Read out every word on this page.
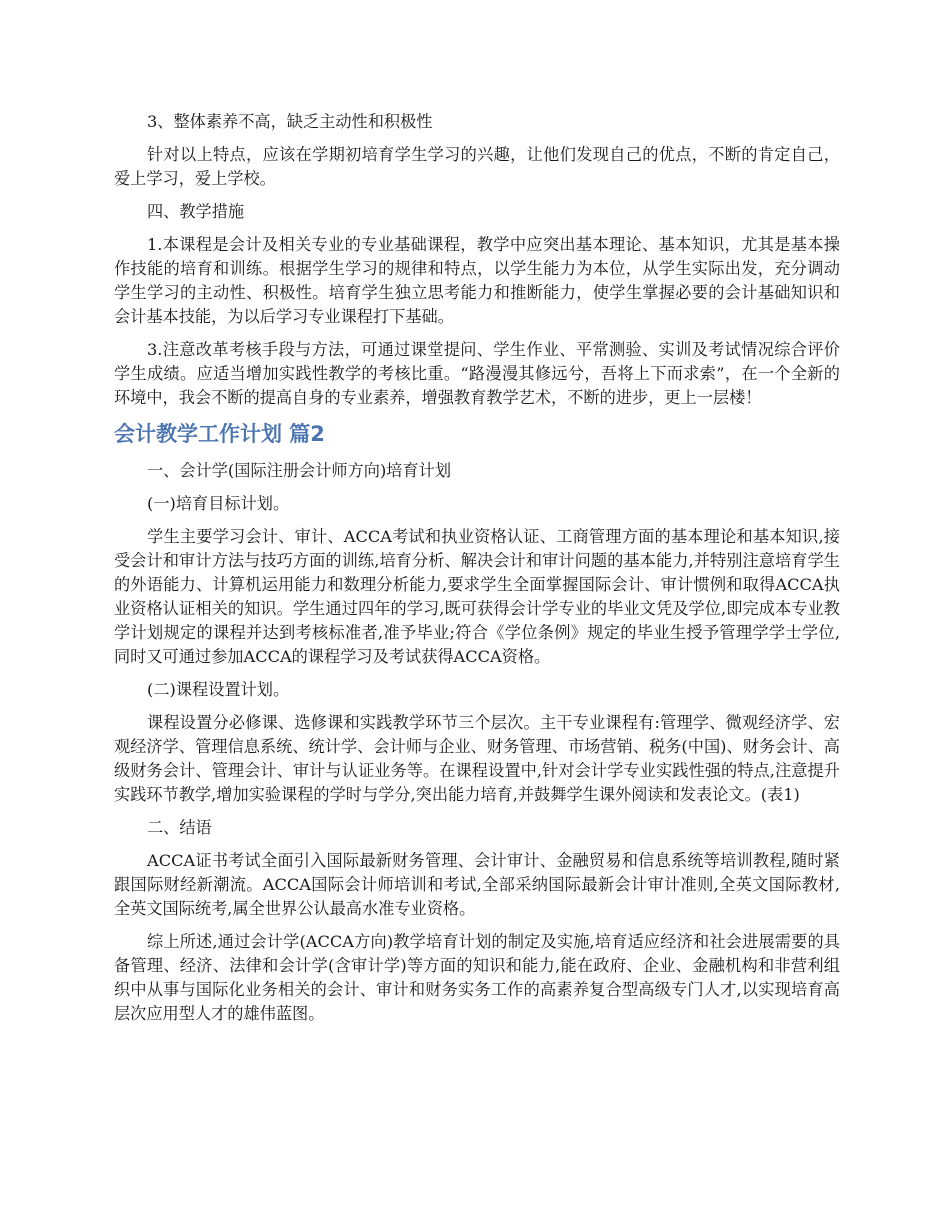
3、整体素养不高，缺乏主动性和积极性

针对以上特点，应该在学期初培育学生学习的兴趣，让他们发现自己的优点，不断的肯定自己，爱上学习，爱上学校。

四、教学措施

1.本课程是会计及相关专业的专业基础课程，教学中应突出基本理论、基本知识，尤其是基本操作技能的培育和训练。根据学生学习的规律和特点，以学生能力为本位，从学生实际出发，充分调动学生学习的主动性、积极性。培育学生独立思考能力和推断能力，使学生掌握必要的会计基础知识和会计基本技能，为以后学习专业课程打下基础。

3.注意改革考核手段与方法，可通过课堂提问、学生作业、平常测验、实训及考试情况综合评价学生成绩。应适当增加实践性教学的考核比重。“路漫漫其修远兮，吾将上下而求索”，在一个全新的环境中，我会不断的提高自身的专业素养，增强教育教学艺术，不断的进步，更上一层楼！

会计教学工作计划 篇2

一、会计学(国际注册会计师方向)培育计划

(一)培育目标计划。

学生主要学习会计、审计、ACCA考试和执业资格认证、工商管理方面的基本理论和基本知识,接受会计和审计方法与技巧方面的训练,培育分析、解决会计和审计问题的基本能力,并特别注意培育学生的外语能力、计算机运用能力和数理分析能力,要求学生全面掌握国际会计、审计惯例和取得ACCA执业资格认证相关的知识。学生通过四年的学习,既可获得会计学专业的毕业文凭及学位,即完成本专业教学计划规定的课程并达到考核标准者,准予毕业;符合《学位条例》规定的毕业生授予管理学学士学位,同时又可通过参加ACCA的课程学习及考试获得ACCA资格。

(二)课程设置计划。

课程设置分必修课、选修课和实践教学环节三个层次。主干专业课程有:管理学、微观经济学、宏观经济学、管理信息系统、统计学、会计师与企业、财务管理、市场营销、税务(中国)、财务会计、高级财务会计、管理会计、审计与认证业务等。在课程设置中,针对会计学专业实践性强的特点,注意提升实践环节教学,增加实验课程的学时与学分,突出能力培育,并鼓舞学生课外阅读和发表论文。(表1)

二、结语

ACCA证书考试全面引入国际最新财务管理、会计审计、金融贸易和信息系统等培训教程,随时紧跟国际财经新潮流。ACCA国际会计师培训和考试,全部采纳国际最新会计审计准则,全英文国际教材,全英文国际统考,属全世界公认最高水准专业资格。

综上所述,通过会计学(ACCA方向)教学培育计划的制定及实施,培育适应经济和社会进展需要的具备管理、经济、法律和会计学(含审计学)等方面的知识和能力,能在政府、企业、金融机构和非营利组织中从事与国际化业务相关的会计、审计和财务实务工作的高素养复合型高级专门人才,以实现培育高层次应用型人才的雄伟蓝图。
